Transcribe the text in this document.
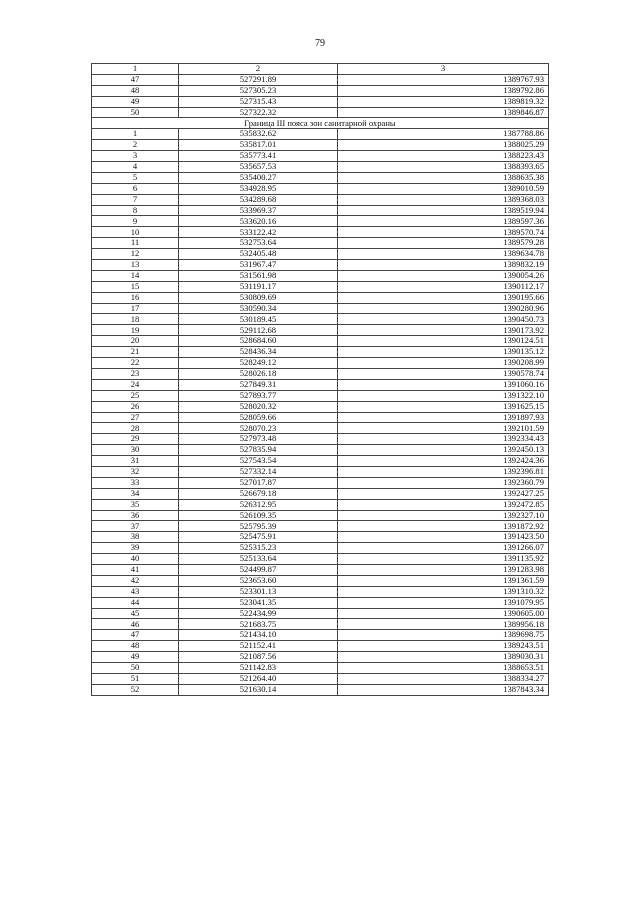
79
1	2	3
47	527291.89	1389767.93
48	527305.23	1389792.86
49	527315.43	1389819.32
50	527322.32	1389846.87
Граница III пояса зон санитарной охраны		
1	535832.62	1387788.86
2	535817.01	1388025.29
3	535773.41	1388223.43
4	535657.53	1388393.65
5	535400.27	1388635.38
6	534928.95	1389010.59
7	534289.68	1389368.03
8	533969.37	1389519.94
9	533620.16	1389597.36
10	533122.42	1389570.74
11	532753.64	1389579.28
12	532405.48	1389634.78
13	531967.47	1389832.19
14	531561.98	1390054.26
15	531191.17	1390112.17
16	530809.69	1390195.66
17	530590.34	1390280.96
18	530189.45	1390450.73
19	529112.68	1390173.92
20	528684.60	1390124.51
21	528436.34	1390135.12
22	528249.12	1390208.99
23	528026.18	1390578.74
24	527849.31	1391060.16
25	527893.77	1391322.10
26	528020.32	1391625.15
27	528059.66	1391897.93
28	528070.23	1392101.59
29	527973.48	1392334.43
30	527835.94	1392450.13
31	527543.54	1392424.36
32	527332.14	1392396.81
33	527017.87	1392360.79
34	526679.18	1392427.25
35	526312.95	1392472.85
36	526109.35	1392327.10
37	525795.39	1391872.92
38	525475.91	1391423.50
39	525315.23	1391266.07
40	525133.64	1391135.92
41	524499.87	1391283.98
42	523653.60	1391361.59
43	523301.13	1391310.32
44	523041.35	1391079.95
45	522434.99	1390605.00
46	521683.75	1389956.18
47	521434.10	1389698.75
48	521152.41	1389243.51
49	521087.56	1389030.31
50	521142.83	1388653.51
51	521264.40	1388334.27
52	521630.14	1387843.34
